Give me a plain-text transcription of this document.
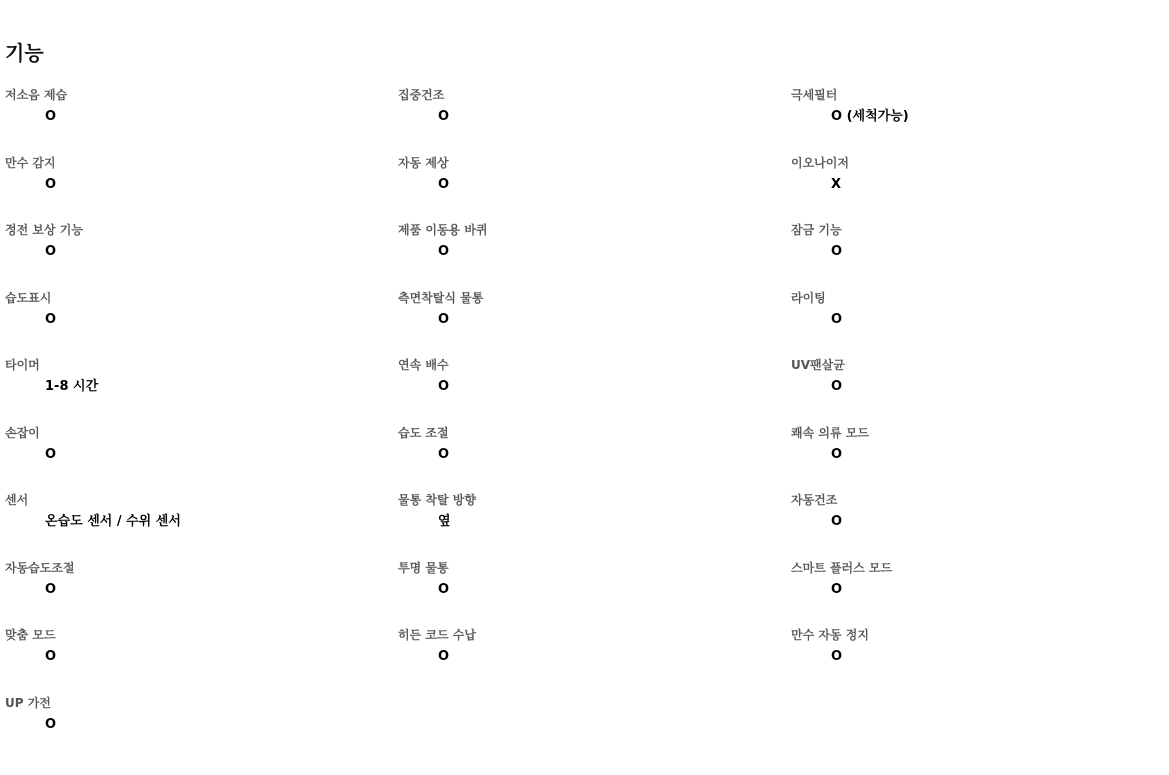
기능
저소음 제습
O
집중건조
O
극세필터
O (세척가능)
만수 감지
O
자동 제상
O
이오나이저
X
정전 보상 기능
O
제품 이동용 바퀴
O
잠금 기능
O
습도표시
O
측면착탈식 물통
O
라이팅
O
타이머
1-8 시간
연속 배수
O
UV팬살균
O
손잡이
O
습도 조절
O
쾌속 의류 모드
O
센서
온습도 센서 / 수위 센서
물통 착탈 방향
옆
자동건조
O
자동습도조절
O
투명 물통
O
스마트 플러스 모드
O
맞춤 모드
O
히든 코드 수납
O
만수 자동 정지
O
UP 가전
O
